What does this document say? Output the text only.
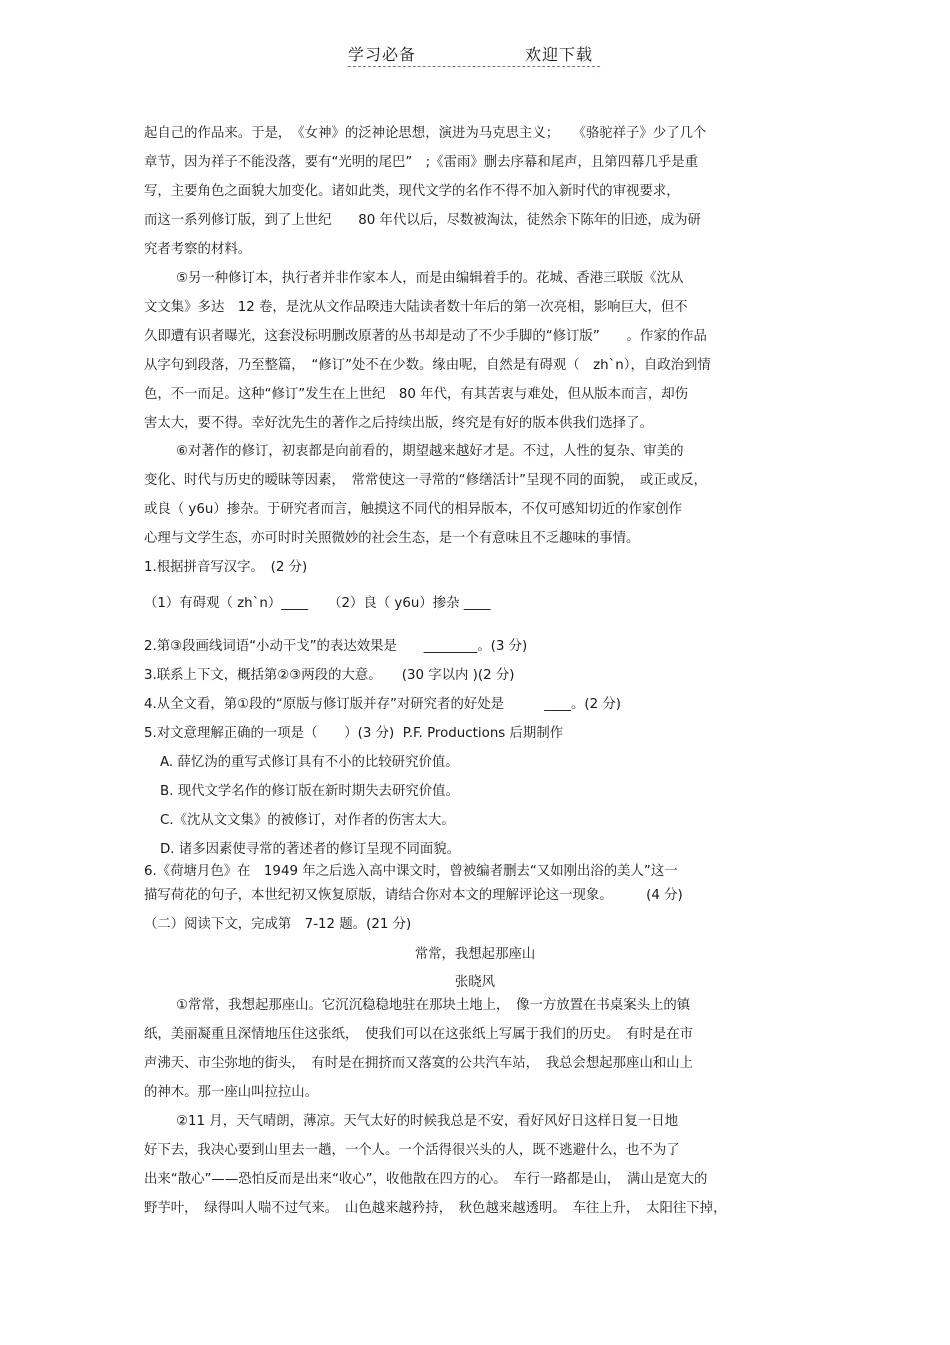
学习必备	欢迎下载
起自己的作品来。于是，　《女神》的泛神论思想，演进为马克思主义；　　《骆驼祥子》少了几个
章节，因为祥子不能没落，要有“光明的尾巴”　;《雷雨》删去序幕和尾声，且第四幕几乎是重
写，主要角色之面貌大加变化。诸如此类，现代文学的名作不得不加入新时代的审视要求，
而这一系列修订版，到了上世纪　　80 年代以后，尽数被淘汰，徒然余下陈年的旧迹，成为研
究者考察的材料。
⑤另一种修订本，执行者并非作家本人，而是由编辑着手的。花城、香港三联版《沈从
文文集》多达　12 卷，是沈从文作品暌违大陆读者数十年后的第一次亮相，影响巨大，但不
久即遭有识者曝光，这套没标明删改原著的丛书却是动了不少手脚的“修订版”　　。作家的作品
从字句到段落，乃至整篇，　“修订”处不在少数。缘由呢，自然是有碍观（　zh`n），自政治到情
色，不一而足。这种“修订”发生在上世纪　80 年代，有其苦衷与难处，但从版本而言，却伤
害太大，要不得。幸好沈先生的著作之后持续出版，终究是有好的版本供我们选择了。
⑥对著作的修订，初衷都是向前看的，期望越来越好才是。不过，人性的复杂、审美的
变化、时代与历史的暧昧等因素，　常常使这一寻常的“修缮活计”呈现不同的面貌，　或正或反，
或良（ y6u）掺杂。于研究者而言，触摸这不同代的相异版本，不仅可感知切近的作家创作
心理与文学生态，亦可时时关照微妙的社会生态，是一个有意味且不乏趣味的事情。
1.根据拼音写汉字。　(2 分)
（1）有碍观（ zh`n）____　　（2）良（ y6u）掺杂 ____
2.第③段画线词语“小动干戈”的表达效果是　　________。(3 分)
3.联系上下文，概括第②③两段的大意。　　(30 字以内 )(2 分)
4.从全文看，第①段的“原版与修订版并存”对研究者的好处是　　　____。(2 分)
5.对文意理解正确的一项是（　　）(3 分)  P.F. Productions 后期制作
A. 薛忆沩的重写式修订具有不小的比较研究价值。
B. 现代文学名作的修订版在新时期失去研究价值。
C.《沈从文文集》的被修订，对作者的伤害太大。
D. 诸多因素使寻常的著述者的修订呈现不同面貌。
6.《荷塘月色》在　1949 年之后选入高中课文时，曾被编者删去“又如刚出浴的美人”这一
描写荷花的句子，本世纪初又恢复原版，请结合你对本文的理解评论这一现象。　　　(4 分)
（二）阅读下文，完成第　7-12 题。(21 分)
常常，我想起那座山
张晓风
①常常，我想起那座山。它沉沉稳稳地驻在那块土地上，　像一方放置在书桌案头上的镇
纸，美丽凝重且深情地压住这张纸，　使我们可以在这张纸上写属于我们的历史。　有时是在市
声沸天、市尘弥地的街头，　有时是在拥挤而又落寞的公共汽车站，　我总会想起那座山和山上
的神木。那一座山叫拉拉山。
②11 月，天气晴朗，薄凉。天气太好的时候我总是不安，看好风好日这样日复一日地
好下去，我决心要到山里去一趟，一个人。一个活得很兴头的人，既不逃避什么，也不为了
出来“散心”——恐怕反而是出来“收心”，收他散在四方的心。　车行一路都是山，　满山是宽大的
野芋叶，　绿得叫人喘不过气来。　山色越来越矜持，　秋色越来越透明。　车往上升，　太阳往下掉，
